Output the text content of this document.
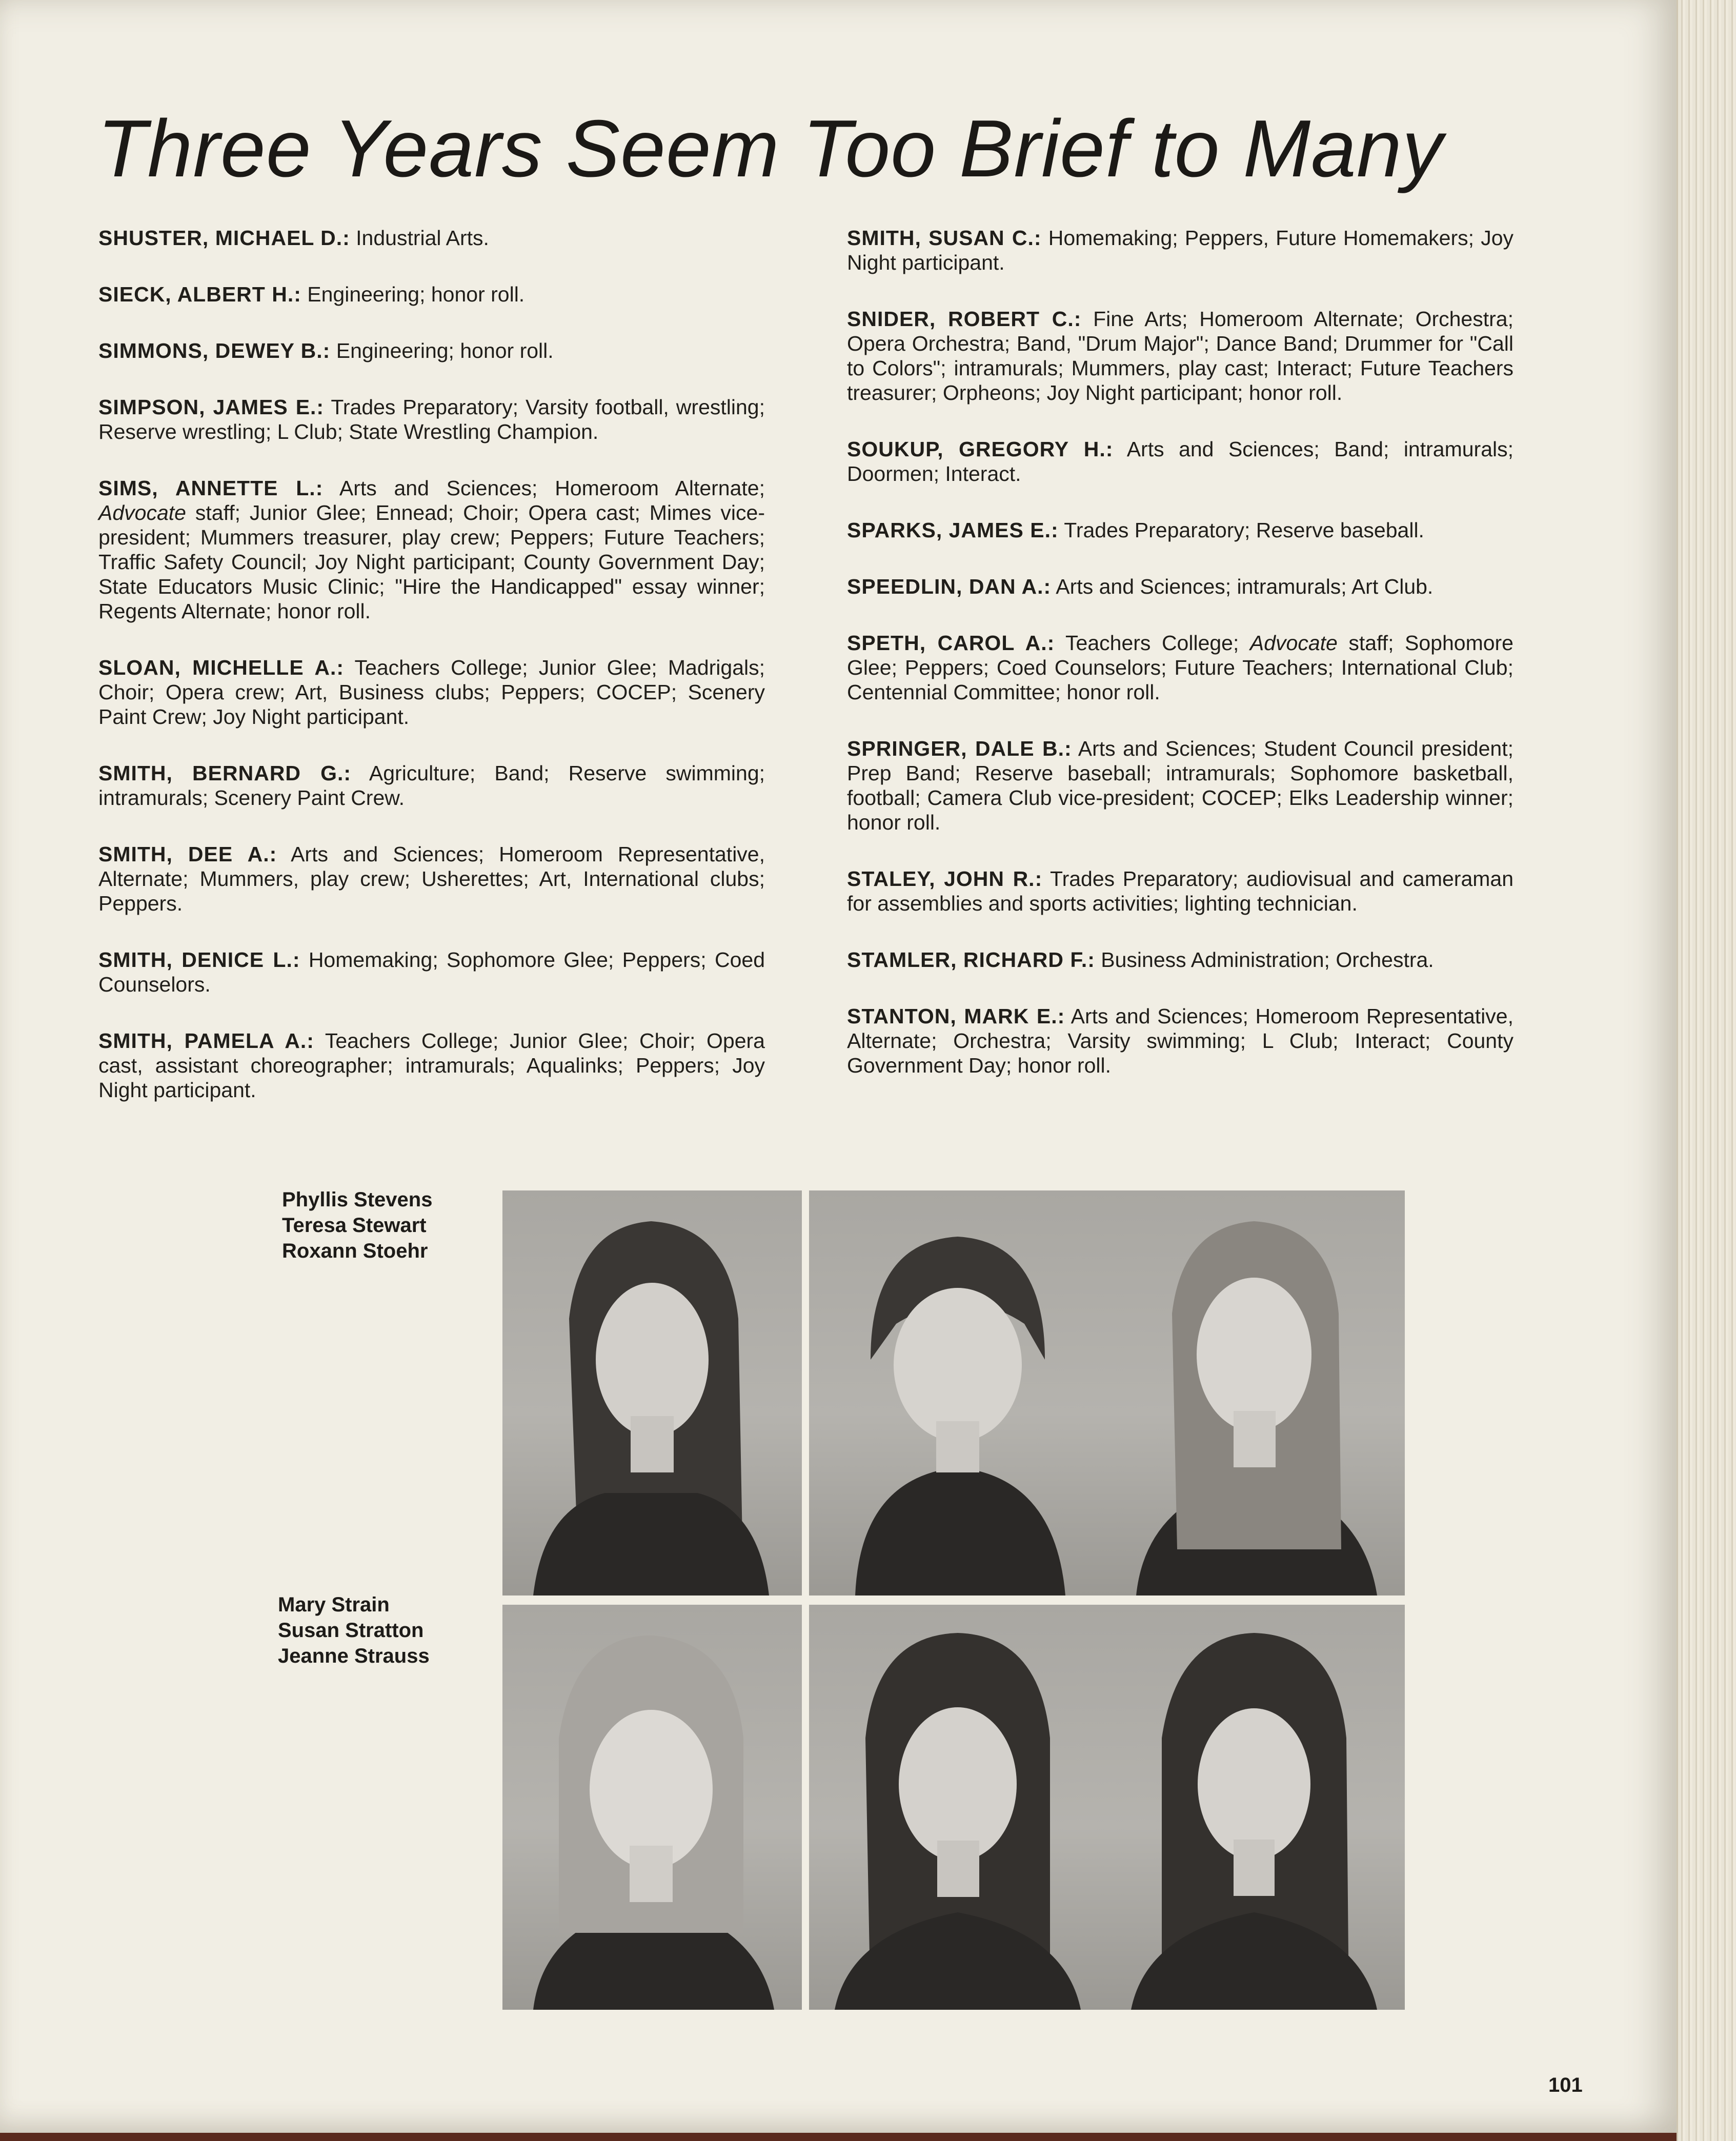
Three Years Seem Too Brief to Many

SHUSTER, MICHAEL D.: Industrial Arts.

SIECK, ALBERT H.: Engineering; honor roll.

SIMMONS, DEWEY B.: Engineering; honor roll.

SIMPSON, JAMES E.: Trades Preparatory; Varsity football, wrestling; Reserve wrestling; L Club; State Wrestling Champion.

SIMS, ANNETTE L.: Arts and Sciences; Homeroom Alternate; Advocate staff; Junior Glee; Ennead; Choir; Opera cast; Mimes vice-president; Mummers treasurer, play crew; Peppers; Future Teachers; Traffic Safety Council; Joy Night participant; County Government Day; State Educators Music Clinic; "Hire the Handicapped" essay winner; Regents Alternate; honor roll.

SLOAN, MICHELLE A.: Teachers College; Junior Glee; Madrigals; Choir; Opera crew; Art, Business clubs; Peppers; COCEP; Scenery Paint Crew; Joy Night participant.

SMITH, BERNARD G.: Agriculture; Band; Reserve swimming; intramurals; Scenery Paint Crew.

SMITH, DEE A.: Arts and Sciences; Homeroom Representative, Alternate; Mummers, play crew; Usherettes; Art, International clubs; Peppers.

SMITH, DENICE L.: Homemaking; Sophomore Glee; Peppers; Coed Counselors.

SMITH, PAMELA A.: Teachers College; Junior Glee; Choir; Opera cast, assistant choreographer; intramurals; Aqualinks; Peppers; Joy Night participant.

SMITH, SUSAN C.: Homemaking; Peppers, Future Homemakers; Joy Night participant.

SNIDER, ROBERT C.: Fine Arts; Homeroom Alternate; Orchestra; Opera Orchestra; Band, "Drum Major"; Dance Band; Drummer for "Call to Colors"; intramurals; Mummers, play cast; Interact; Future Teachers treasurer; Orpheons; Joy Night participant; honor roll.

SOUKUP, GREGORY H.: Arts and Sciences; Band; intramurals; Doormen; Interact.

SPARKS, JAMES E.: Trades Preparatory; Reserve baseball.

SPEEDLIN, DAN A.: Arts and Sciences; intramurals; Art Club.

SPETH, CAROL A.: Teachers College; Advocate staff; Sophomore Glee; Peppers; Coed Counselors; Future Teachers; International Club; Centennial Committee; honor roll.

SPRINGER, DALE B.: Arts and Sciences; Student Council president; Prep Band; Reserve baseball; intramurals; Sophomore basketball, football; Camera Club vice-president; COCEP; Elks Leadership winner; honor roll.

STALEY, JOHN R.: Trades Preparatory; audiovisual and cameraman for assemblies and sports activities; lighting technician.

STAMLER, RICHARD F.: Business Administration; Orchestra.

STANTON, MARK E.: Arts and Sciences; Homeroom Representative, Alternate; Orchestra; Varsity swimming; L Club; Interact; County Government Day; honor roll.

Phyllis Stevens
Teresa Stewart
Roxann Stoehr
Mary Strain
Susan Stratton
Jeanne Strauss
101
